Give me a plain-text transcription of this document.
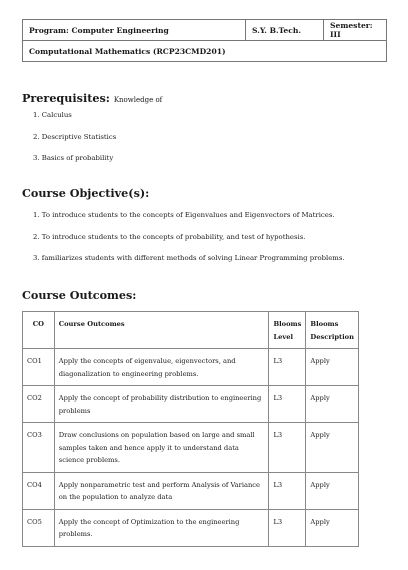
Program: Computer Engineering	S.Y. B.Tech.	Semester: III
Computational Mathematics (RCP23CMD201)
Prerequisites: Knowledge of
1. Calculus
2. Descriptive Statistics
3. Basics of probability
Course Objective(s):
1. To introduce students to the concepts of Eigenvalues and Eigenvectors of Matrices.
2. To introduce students to the concepts of probability, and test of hypothesis.
3. familiarizes students with different methods of solving Linear Programming problems.
Course Outcomes:
CO	Course Outcomes	Blooms Level	Blooms Description
CO1	Apply the concepts of eigenvalue, eigenvectors, and diagonalization to engineering problems.	L3	Apply
CO2	Apply the concept of probability distribution to engineering problems	L3	Apply
CO3	Draw conclusions on population based on large and small samples taken and hence apply it to understand data science problems.	L3	Apply
CO4	Apply nonparametric test and perform Analysis of Variance on the population to analyze data	L3	Apply
CO5	Apply the concept of Optimization to the engineering problems.	L3	Apply
